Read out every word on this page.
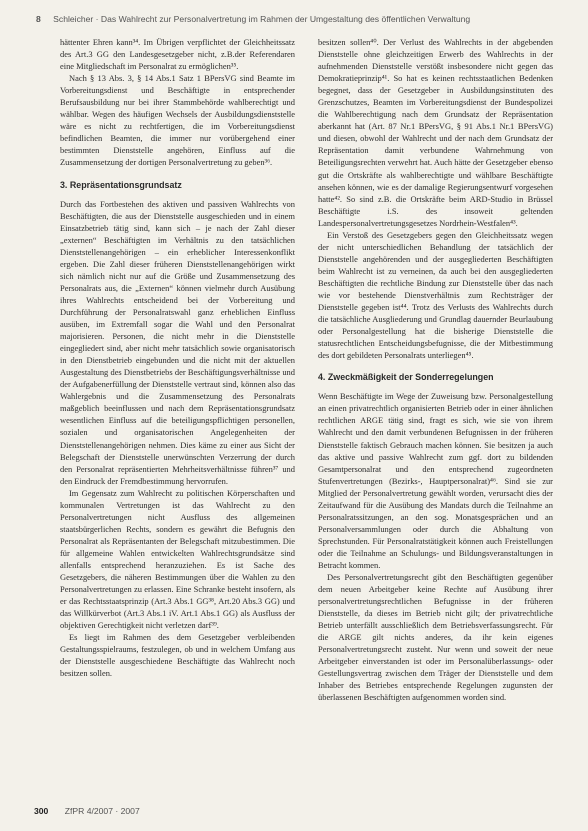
8 Schleicher · Das Wahlrecht zur Personalvertretung im Rahmen der Umgestaltung des öffentlichen Verwaltung

hättenter Ehren kann³⁴. Im Übrigen verpflichtet der Gleichheitssatz des Art.3 GG den Landesgesetzgeber nicht, z.B.der Referendaren eine Mitgliedschaft im Personalrat zu ermöglichen³⁵.

Nach § 13 Abs. 3, § 14 Abs.1 Satz 1 BPersVG sind Beamte im Vorbereitungsdienst und Beschäftigte in entsprechender Berufsausbildung nur bei ihrer Stammbehörde wahlberechtigt und wählbar. Wegen des häufigen Wechsels der Ausbildungsdienststelle wäre es nicht zu rechtfertigen, die im Vorbereitungsdienst befindlichen Beamten, die immer nur vorübergehend einer bestimmten Dienststelle angehören, Einfluss auf die Zusammensetzung der dortigen Personalvertretung zu geben³⁶.

3. Repräsentationsgrundsatz

Durch das Fortbestehen des aktiven und passiven Wahlrechts von Beschäftigten, die aus der Dienststelle ausgeschieden und in einem Einsatzbetrieb tätig sind, kann sich – je nach der Zahl dieser „externen“ Beschäftigten im Verhältnis zu den tatsächlichen Dienststellenangehörigen – ein erheblicher Interessenkonflikt ergeben. Die Zahl dieser früheren Dienststellenangehörigen wirkt sich nämlich nicht nur auf die Größe und Zusammensetzung des Personalrats aus, die „Externen“ können vielmehr durch Ausübung ihres Wahlrechts entscheidend bei der Vorbereitung und Durchführung der Personalratswahl ganz erheblichen Einfluss ausüben, im Extremfall sogar die Wahl und den Personalrat majorisieren. Personen, die nicht mehr in die Dienststelle eingegliedert sind, aber nicht mehr tatsächlich sowie organisatorisch in den Dienstbetrieb eingebunden und die nicht mit der aktuellen Ausgestaltung des Dienstbetriebs der Beschäftigungsverhältnisse und der Aufgabenerfüllung der Dienststelle vertraut sind, können also das Wahlergebnis und die Zusammensetzung des Personalrats maßgeblich beeinflussen und nach dem Repräsentationsgrundsatz wesentlichen Einfluss auf die beteiligungspflichtigen personellen, sozialen und organisatorischen Angelegenheiten der Dienststellenangehörigen nehmen. Dies käme zu einer aus Sicht der Belegschaft der Dienststelle unerwünschten Verzerrung der durch den Personalrat repräsentierten Mehrheitsverhältnisse führen³⁷ und den Eindruck der Fremdbestimmung hervorrufen.

Im Gegensatz zum Wahlrecht zu politischen Körperschaften und kommunalen Vertretungen ist das Wahlrecht zu den Personalvertretungen nicht Ausfluss des allgemeinen staatsbürgerlichen Rechts, sondern es gewährt die Befugnis den Personalrat als Repräsentanten der Belegschaft mitzubestimmen. Die für allgemeine Wahlen entwickelten Wahlrechtsgrundsätze sind allenfalls entsprechend heranzuziehen. Es ist Sache des Gesetzgebers, die näheren Bestimmungen über die Wahlen zu den Personalvertretungen zu erlassen. Eine Schranke besteht insofern, als er das Rechtsstaatsprinzip (Art.3 Abs.1 GG³⁸, Art.20 Abs.3 GG) und das Willkürverbot (Art.3 Abs.1 iV. Art.1 Abs.1 GG) als Ausfluss der objektiven Gerechtigkeit nicht verletzen darf³⁹.

Es liegt im Rahmen des dem Gesetzgeber verbleibenden Gestaltungsspielraums, festzulegen, ob und in welchem Umfang aus der Dienststelle ausgeschiedene Beschäftigte das Wahlrecht noch besitzen sollen.

besitzen sollen⁴⁰. Der Verlust des Wahlrechts in der abgebenden Dienststelle ohne gleichzeitigen Erwerb des Wahlrechts in der aufnehmenden Dienststelle verstößt insbesondere nicht gegen das Demokratieprinzip⁴¹. So hat es keinen rechtsstaatlichen Bedenken begegnet, dass der Gesetzgeber in Ausbildungsinstituten des Grenzschutzes, Beamten im Vorbereitungsdienst der Bundespolizei die Wahlberechtigung nach dem Grundsatz der Repräsentation aberkannt hat (Art. 87 Nr.1 BPersVG, § 91 Abs.1 Nr.1 BPersVG) und diesen, obwohl der Wahlrecht und der nach dem Grundsatz der Repräsentation damit verbundene Wahrnehmung von Beteiligungsrechten verwehrt hat. Auch hätte der Gesetzgeber ebenso gut die Ortskräfte als wahlberechtigte und wählbare Beschäftigte ansehen können, wie es der damalige Regierungsentwurf vorgesehen hatte⁴². So sind z.B. die Ortskräfte beim ARD-Studio in Brüssel Beschäftigte i.S. des insoweit geltenden Landespersonalvertretungsgesetzes Nordrhein-Westfalen⁴³.

Ein Verstoß des Gesetzgebers gegen den Gleichheitssatz wegen der nicht unterschiedlichen Behandlung der tatsächlich der Dienststelle angehörenden und der ausgegliederten Beschäftigten beim Wahlrecht ist zu verneinen, da auch bei den ausgegliederten Beschäftigten die rechtliche Bindung zur Dienststelle über das nach wie vor bestehende Dienstverhältnis zum Rechtsträger der Dienststelle gegeben ist⁴⁴. Trotz des Verlusts des Wahlrechts durch die tatsächliche Ausgliederung und Grundlag dauernder Beurlaubung oder Personalgestellung hat die bisherige Dienststelle die statusrechtlichen Entscheidungsbefugnisse, die der Mitbestimmung des dort gebildeten Personalrats unterliegen⁴⁵.

4. Zweckmäßigkeit der Sonderregelungen

Wenn Beschäftigte im Wege der Zuweisung bzw. Personalgestellung an einen privatrechtlich organisierten Betrieb oder in einer ähnlichen rechtlichen ARGE tätig sind, fragt es sich, wie sie von ihrem Wahlrecht und den damit verbundenen Befugnissen in der früheren Dienststelle faktisch Gebrauch machen können. Sie besitzen ja auch das aktive und passive Wahlrecht zum ggf. dort zu bildenden Gesamtpersonalrat und den entsprechend zugeordneten Stufenvertretungen (Bezirks-, Hauptpersonalrat)⁴⁶. Sind sie zur Mitglied der Personalvertretung gewählt worden, verursacht dies der Zeitaufwand für die Ausübung des Mandats durch die Teilnahme an Personalratssitzungen, an den sog. Monatsgesprächen und an Personalversammlungen oder durch die Abhaltung von Sprechstunden. Für Personalratstätigkeit können auch Freistellungen oder die Teilnahme an Schulungs- und Bildungsveranstaltungen in Betracht kommen.

Des Personalvertretungsrecht gibt den Beschäftigten gegenüber dem neuen Arbeitgeber keine Rechte auf Ausübung ihrer personalvertretungsrechtlichen Befugnisse in der früheren Dienststelle, da dieses im Betrieb nicht gilt; der privatrechtliche Betrieb unterfällt ausschließlich dem Betriebsverfassungsrecht. Für die ARGE gilt nichts anderes, da ihr kein eigenes Personalvertretungsrecht zusteht. Nur wenn und soweit der neue Arbeitgeber einverstanden ist oder im Personalüberlassungs- oder Gestellungsvertrag zwischen dem Träger der Dienststelle und dem Inhaber des Betriebes entsprechende Regelungen zugunsten der überlassenen Beschäftigten aufgenommen worden sind.

300 ZfPR 4/2007 · 2007
